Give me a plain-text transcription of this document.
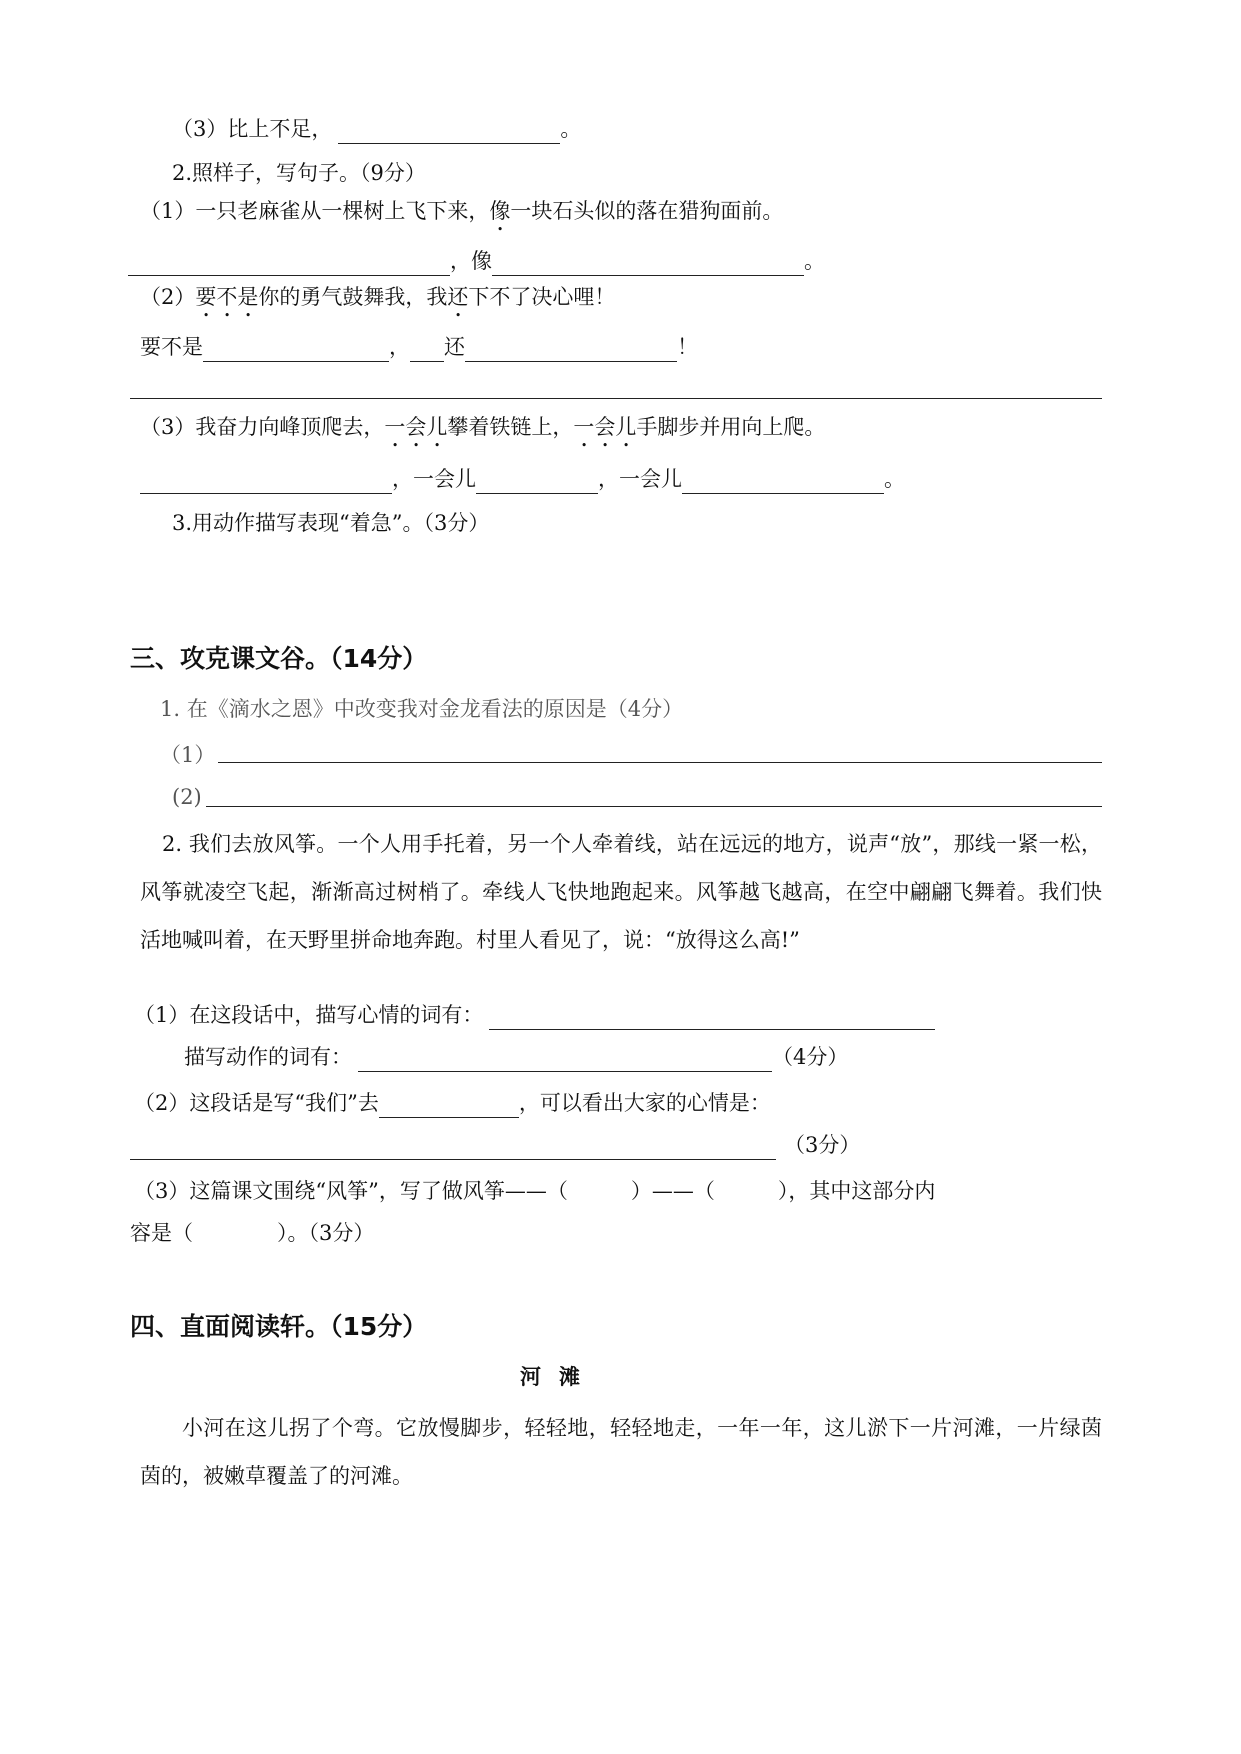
（3）比上不足，	。
2.照样子，写句子。（9分）
（1）一只老麻雀从一棵树上飞下来，像一块石头似的落在猎狗面前。
，像	。
（2）要不是你的勇气鼓舞我，我还下不了决心哩！
要不是	， 还	！
（3）我奋力向峰顶爬去，一会儿攀着铁链上，一会儿手脚步并用向上爬。
，一会儿	，一会儿	。
3.用动作描写表现“着急”。（3分）
三、攻克课文谷。（14分）
1. 在《滴水之恩》中改变我对金龙看法的原因是（4分）
（1）
(2)
2. 我们去放风筝。一个人用手托着，另一个人牵着线，站在远远的地方，说声“放”，那线一紧一松，风筝就凌空飞起，渐渐高过树梢了。牵线人飞快地跑起来。风筝越飞越高，在空中翩翩飞舞着。我们快活地喊叫着，在天野里拼命地奔跑。村里人看见了，说：“放得这么高!”
（1）在这段话中，描写心情的词有：
描写动作的词有：	（4分）
（2）这段话是写“我们”去	，可以看出大家的心情是：
（3分）
（3）这篇课文围绕“风筝”，写了做风筝——（　　　）——（　　　），其中这部分内
容是（　　　　）。（3分）
四、直面阅读轩。（15分）
河滩
小河在这儿拐了个弯。它放慢脚步，轻轻地，轻轻地走，一年一年，这儿淤下一片河滩，一片绿茵茵的，被嫩草覆盖了的河滩。
